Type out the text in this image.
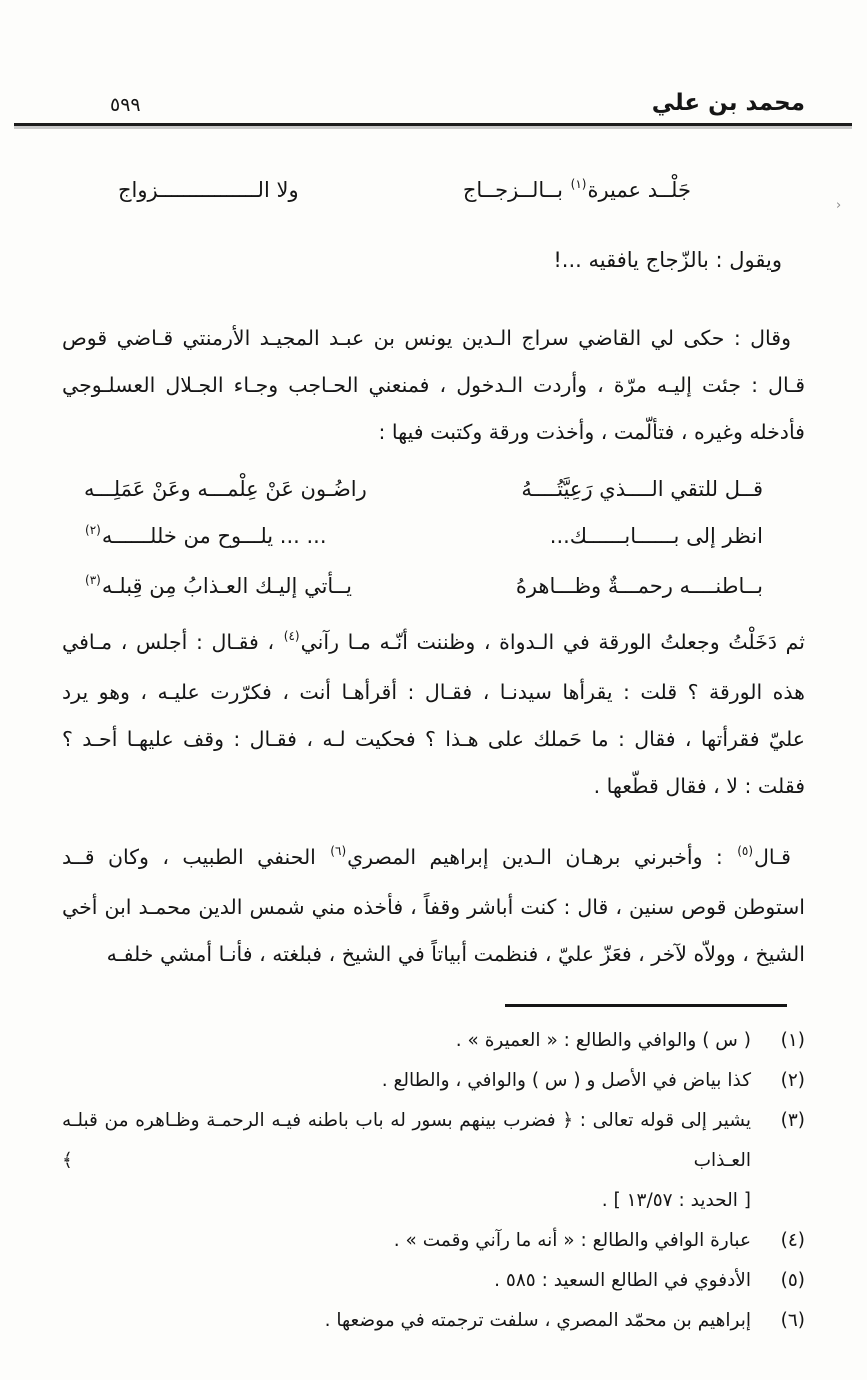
›
محمد بن علي
٥٩٩
جَلْــد عميرة$^{(١)}$ بــالــزجــاج
ولا الــــــــــــــــزواج

ويقول : بالزّجاج يافقيه ...!

وقال : حكى لي القاضي سراج الـدين يونس بن عبـد المجيـد الأرمنتي قـاضي قوص
قـال : جئت إليـه مرّة ، وأردت الـدخول ، فمنعني الحـاجب وجـاء الجـلال العسلـوجي
فأدخله وغيره ، فتألّمت ، وأخذت ورقة وكتبت فيها :
قــل للتقي الــــذي رَعِيَّتُــــهُ
راضُـون عَنْ عِلْمـــه وعَنْ عَمَلِـــه
انظر إلى بــــــابــــــك...
... ... يلـــوح من خللــــــه$^{(٢)}$
بــاطنــــه رحمـــةٌ وظـــاهرهُ
يــأتي إليـك العـذابُ مِن قِبلـه$^{(٣)}$
ثم دَخَلْتُ وجعلتُ الورقة في الـدواة ، وظننت أنّـه مـا رآني$^{(٤)}$ ، فقـال : أجلس ، مـافي
هذه الورقة ؟ قلت : يقرأها سيدنـا ، فقـال : أقرأهـا أنت ، فكرّرت عليـه ، وهو يرد
عليّ فقرأتها ، فقال : ما حَملك على هـذا ؟ فحكيت لـه ، فقـال : وقف عليهـا أحـد ؟
فقلت : لا ، فقال قطّعها .
قـال$^{(٥)}$ : وأخبرني برهـان الـدين إبراهيم المصري$^{(٦)}$ الحنفي الطبيب ، وكان قــد
استوطن قوص سنين ، قال : كنت أباشر وقفاً ، فأخذه مني شمس الدين محمـد ابن أخي
الشيخ ، وولاّه لآخر ، فعَزّ عليّ ، فنظمت أبياتاً في الشيخ ، فبلغته ، فأنـا أمشي خلفـه
(١)
( س ) والوافي والطالع : « العميرة » .
(٢)
كذا بياض في الأصل و ( س ) والوافي ، والطالع .
(٣)
يشير إلى قوله تعالى : ﴿ فضرب بينهم بسور له باب باطنه فيـه الرحمـة وظـاهره من قبلـه العـذاب ﴾
[ الحديد : ١٣/٥٧ ] .
(٤)
عبارة الوافي والطالع : « أنه ما رآني وقمت » .
(٥)
الأدفوي في الطالع السعيد : ٥٨٥ .
(٦)
إبراهيم بن محمّد المصري ، سلفت ترجمته في موضعها .
